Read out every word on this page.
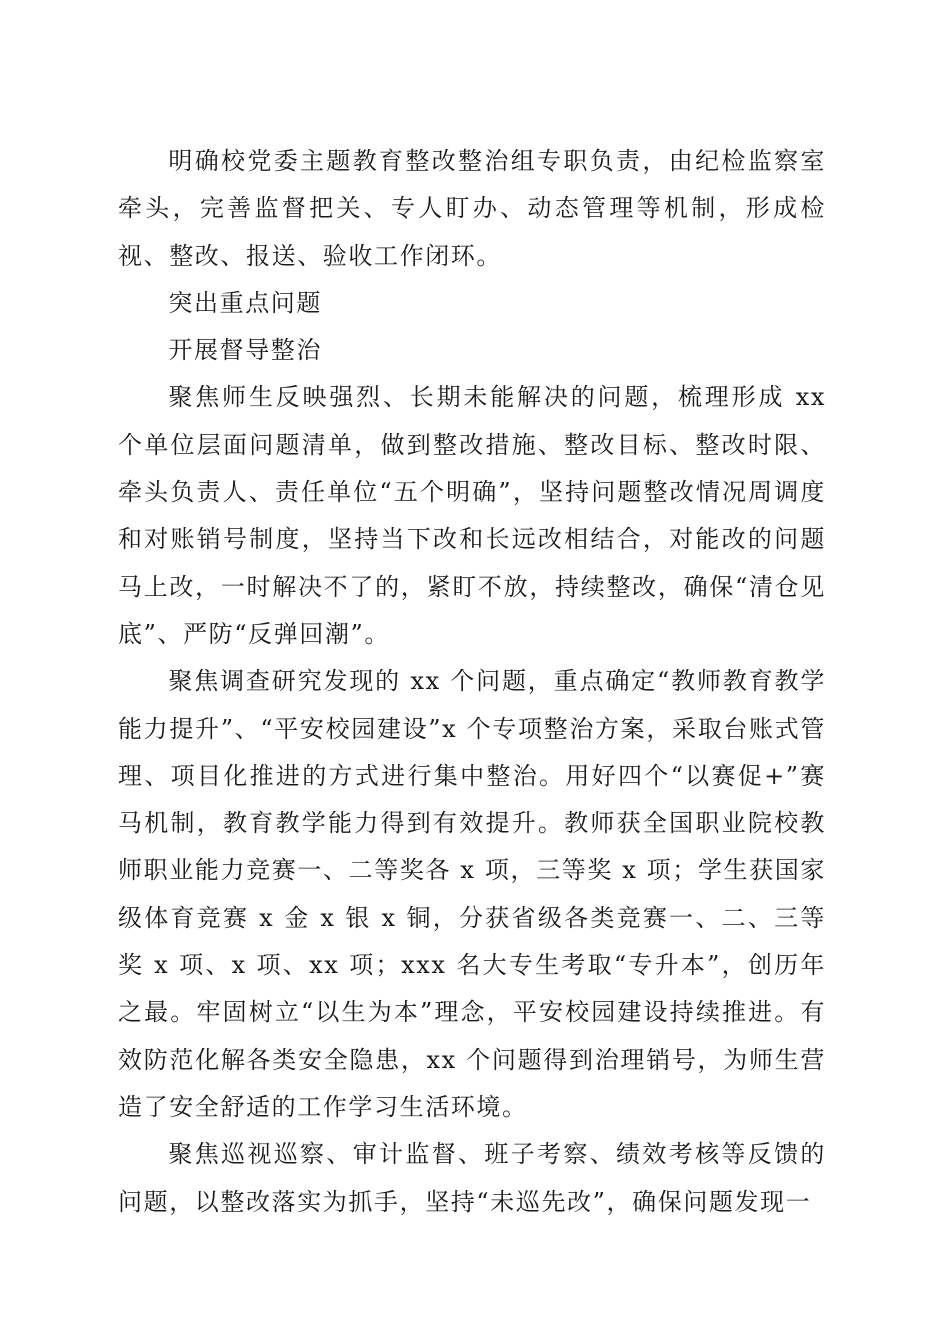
明确校党委主题教育整改整治组专职负责，由纪检监察室牵头，完善监督把关、专人盯办、动态管理等机制，形成检视、整改、报送、验收工作闭环。

突出重点问题

开展督导整治

聚焦师生反映强烈、长期未能解决的问题，梳理形成 xx 个单位层面问题清单，做到整改措施、整改目标、整改时限、牵头负责人、责任单位“五个明确”，坚持问题整改情况周调度和对账销号制度，坚持当下改和长远改相结合，对能改的问题马上改，一时解决不了的，紧盯不放，持续整改，确保“清仓见底”、严防“反弹回潮”。

聚焦调查研究发现的 xx 个问题，重点确定“教师教育教学能力提升”、“平安校园建设”x 个专项整治方案，采取台账式管理、项目化推进的方式进行集中整治。用好四个“以赛促+”赛马机制，教育教学能力得到有效提升。教师获全国职业院校教师职业能力竞赛一、二等奖各 x 项，三等奖 x 项；学生获国家级体育竞赛 x 金 x 银 x 铜，分获省级各类竞赛一、二、三等奖 x 项、x 项、xx 项；xxx 名大专生考取“专升本”，创历年之最。牢固树立“以生为本”理念，平安校园建设持续推进。有效防范化解各类安全隐患，xx 个问题得到治理销号，为师生营造了安全舒适的工作学习生活环境。

聚焦巡视巡察、审计监督、班子考察、绩效考核等反馈的问题，以整改落实为抓手，坚持“未巡先改”，确保问题发现一
